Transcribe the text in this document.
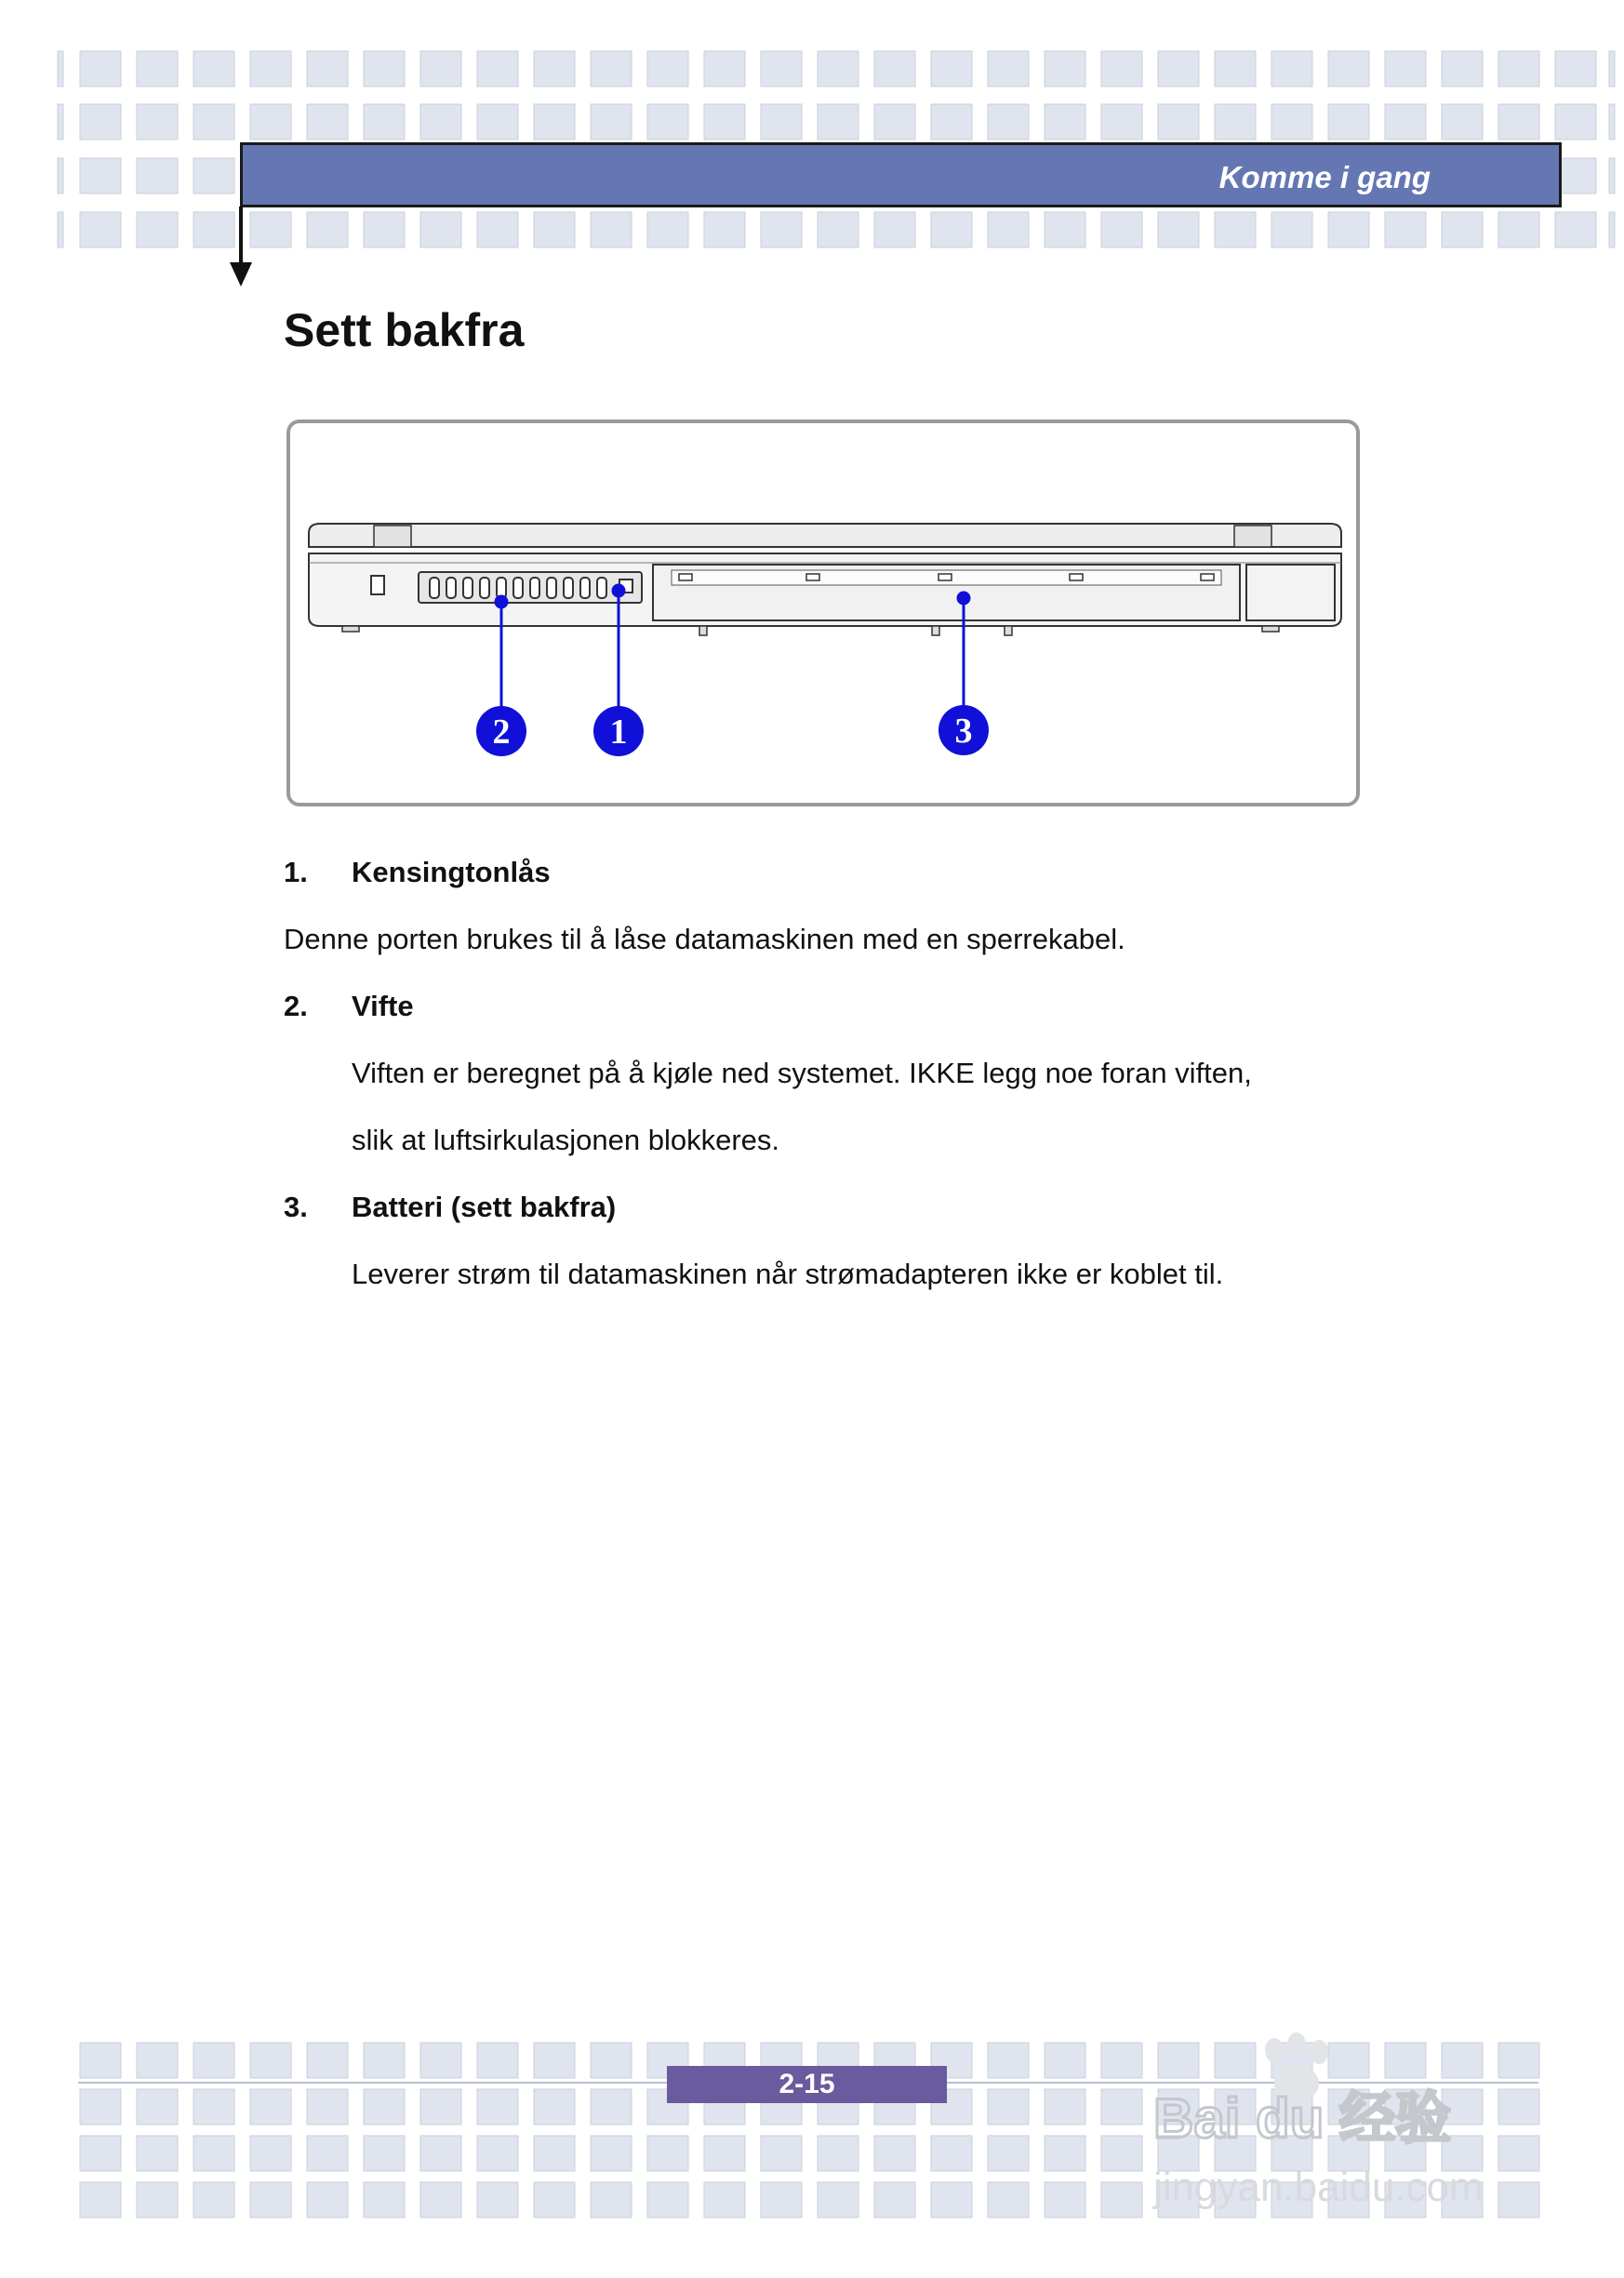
Komme i gang
Sett bakfra
2	1	3
1. Kensingtonlås
Denne porten brukes til å låse datamaskinen med en sperrekabel.
2. Vifte
Viften er beregnet på å kjøle ned systemet. IKKE legg noe foran viften,
slik at luftsirkulasjonen blokkeres.
3. Batteri (sett bakfra)
Leverer strøm til datamaskinen når strømadapteren ikke er koblet til.
2-15
Bai du 经验
jingyan.baidu.com
